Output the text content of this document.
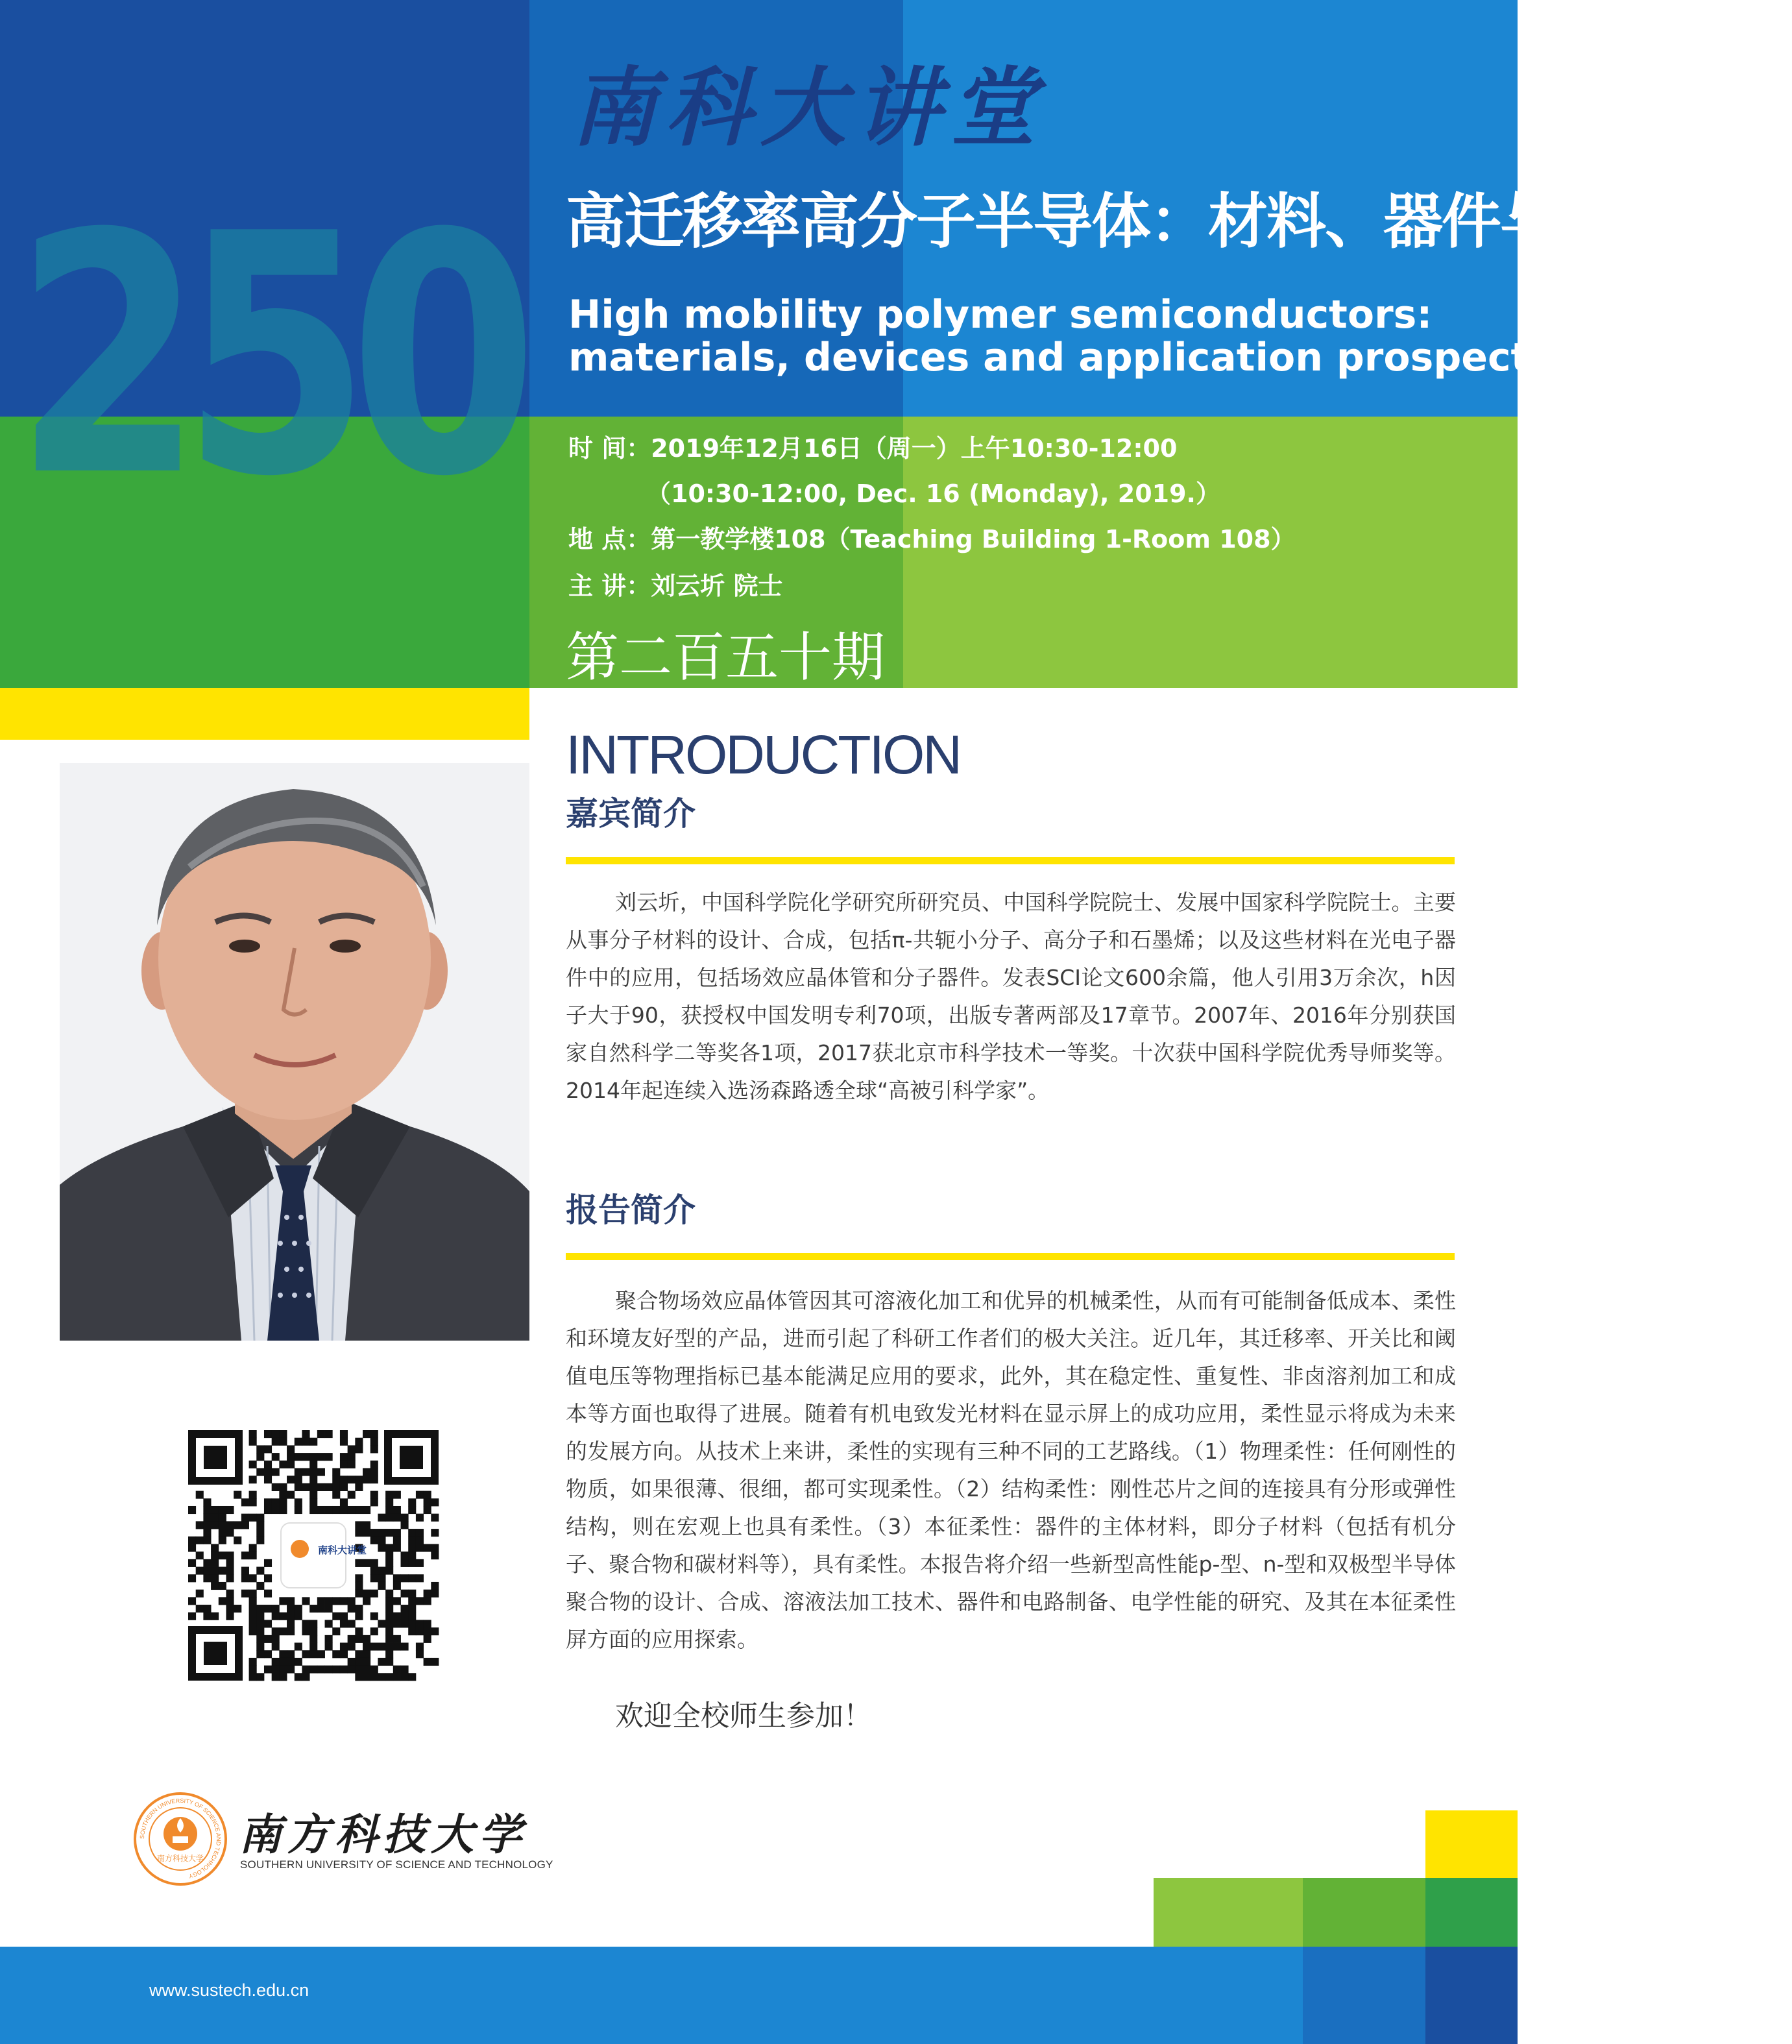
250
南科大讲堂
高迁移率高分子半导体：材料、器件与应用前景
High mobility polymer semiconductors:
materials, devices and application prospects
时 间：2019年12月16日（周一）上午10:30-12:00
（10:30-12:00, Dec. 16 (Monday), 2019.）
地 点：第一教学楼108（Teaching Building 1-Room 108）
主 讲：刘云圻 院士
第二百五十期
INTRODUCTION
嘉宾简介
刘云圻，中国科学院化学研究所研究员、中国科学院院士、发展中国家科学院院士。主要从事分子材料的设计、合成，包括π-共轭小分子、高分子和石墨烯；以及这些材料在光电子器件中的应用，包括场效应晶体管和分子器件。发表SCI论文600余篇，他人引用3万余次，h因子大于90，获授权中国发明专利70项，出版专著两部及17章节。2007年、2016年分别获国家自然科学二等奖各1项，2017获北京市科学技术一等奖。十次获中国科学院优秀导师奖等。2014年起连续入选汤森路透全球“高被引科学家”。
报告简介
聚合物场效应晶体管因其可溶液化加工和优异的机械柔性，从而有可能制备低成本、柔性和环境友好型的产品，进而引起了科研工作者们的极大关注。近几年，其迁移率、开关比和阈值电压等物理指标已基本能满足应用的要求，此外，其在稳定性、重复性、非卤溶剂加工和成本等方面也取得了进展。随着有机电致发光材料在显示屏上的成功应用，柔性显示将成为未来的发展方向。从技术上来讲，柔性的实现有三种不同的工艺路线。（1）物理柔性：任何刚性的物质，如果很薄、很细，都可实现柔性。（2）结构柔性：刚性芯片之间的连接具有分形或弹性结构，则在宏观上也具有柔性。（3）本征柔性：器件的主体材料，即分子材料（包括有机分子、聚合物和碳材料等），具有柔性。本报告将介绍一些新型高性能p-型、n-型和双极型半导体聚合物的设计、合成、溶液法加工技术、器件和电路制备、电学性能的研究、及其在本征柔性屏方面的应用探索。
欢迎全校师生参加！
南科大讲堂
SOUTHERN UNIVERSITY OF SCIENCE AND TECHNOLOGY
南方科技大学 南方科技大学
SOUTHERN UNIVERSITY OF SCIENCE AND TECHNOLOGY
www.sustech.edu.cn
